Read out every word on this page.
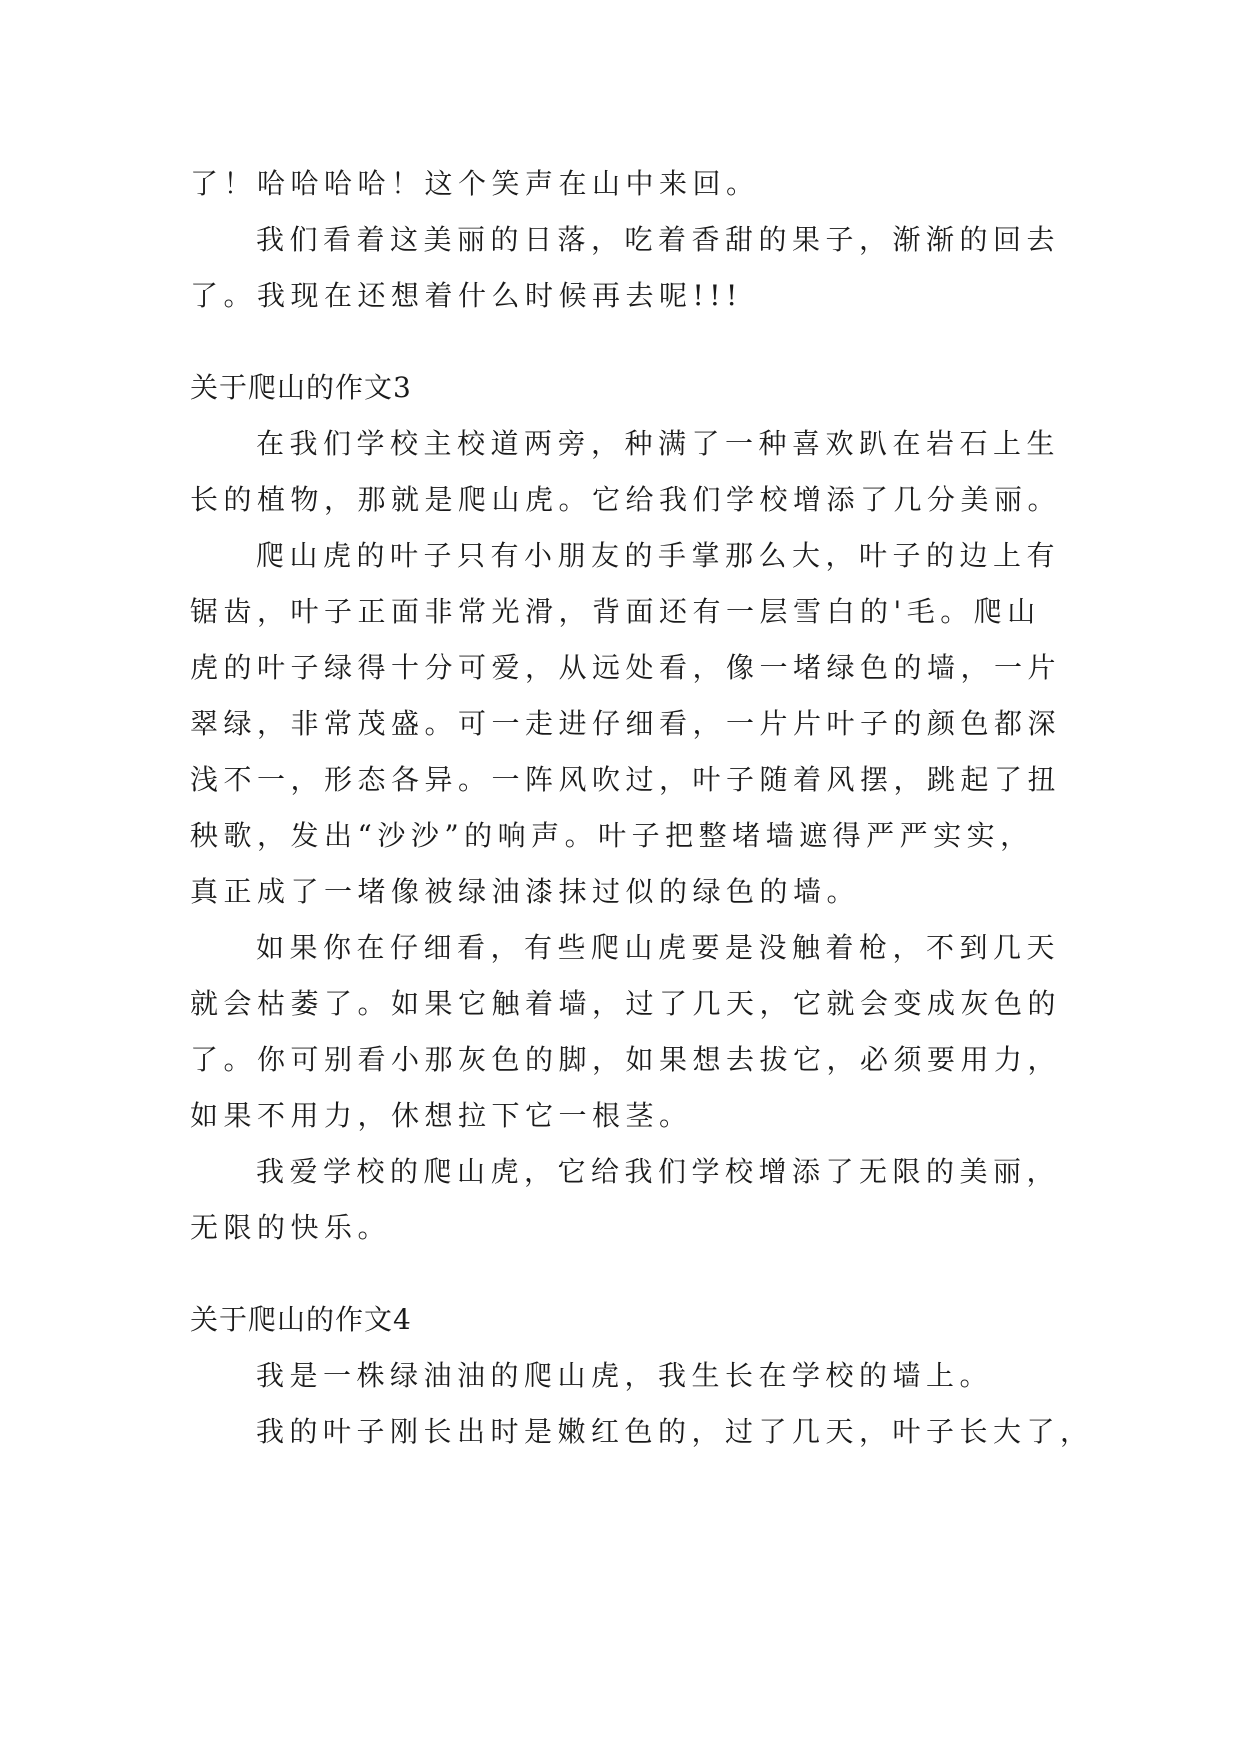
了！哈哈哈哈！这个笑声在山中来回。
我们看着这美丽的日落，吃着香甜的果子，渐渐的回去
了。我现在还想着什么时候再去呢!!!
关于爬山的作文3
在我们学校主校道两旁，种满了一种喜欢趴在岩石上生
长的植物，那就是爬山虎。它给我们学校增添了几分美丽。
爬山虎的叶子只有小朋友的手掌那么大，叶子的边上有
锯齿，叶子正面非常光滑，背面还有一层雪白的'毛。爬山
虎的叶子绿得十分可爱，从远处看，像一堵绿色的墙，一片
翠绿，非常茂盛。可一走进仔细看，一片片叶子的颜色都深
浅不一，形态各异。一阵风吹过，叶子随着风摆，跳起了扭
秧歌，发出“沙沙”的响声。叶子把整堵墙遮得严严实实，
真正成了一堵像被绿油漆抹过似的绿色的墙。
如果你在仔细看，有些爬山虎要是没触着枪，不到几天
就会枯萎了。如果它触着墙，过了几天，它就会变成灰色的
了。你可别看小那灰色的脚，如果想去拔它，必须要用力，
如果不用力，休想拉下它一根茎。
我爱学校的爬山虎，它给我们学校增添了无限的美丽，
无限的快乐。
关于爬山的作文4
我是一株绿油油的爬山虎，我生长在学校的墙上。
我的叶子刚长出时是嫩红色的，过了几天，叶子长大了，
